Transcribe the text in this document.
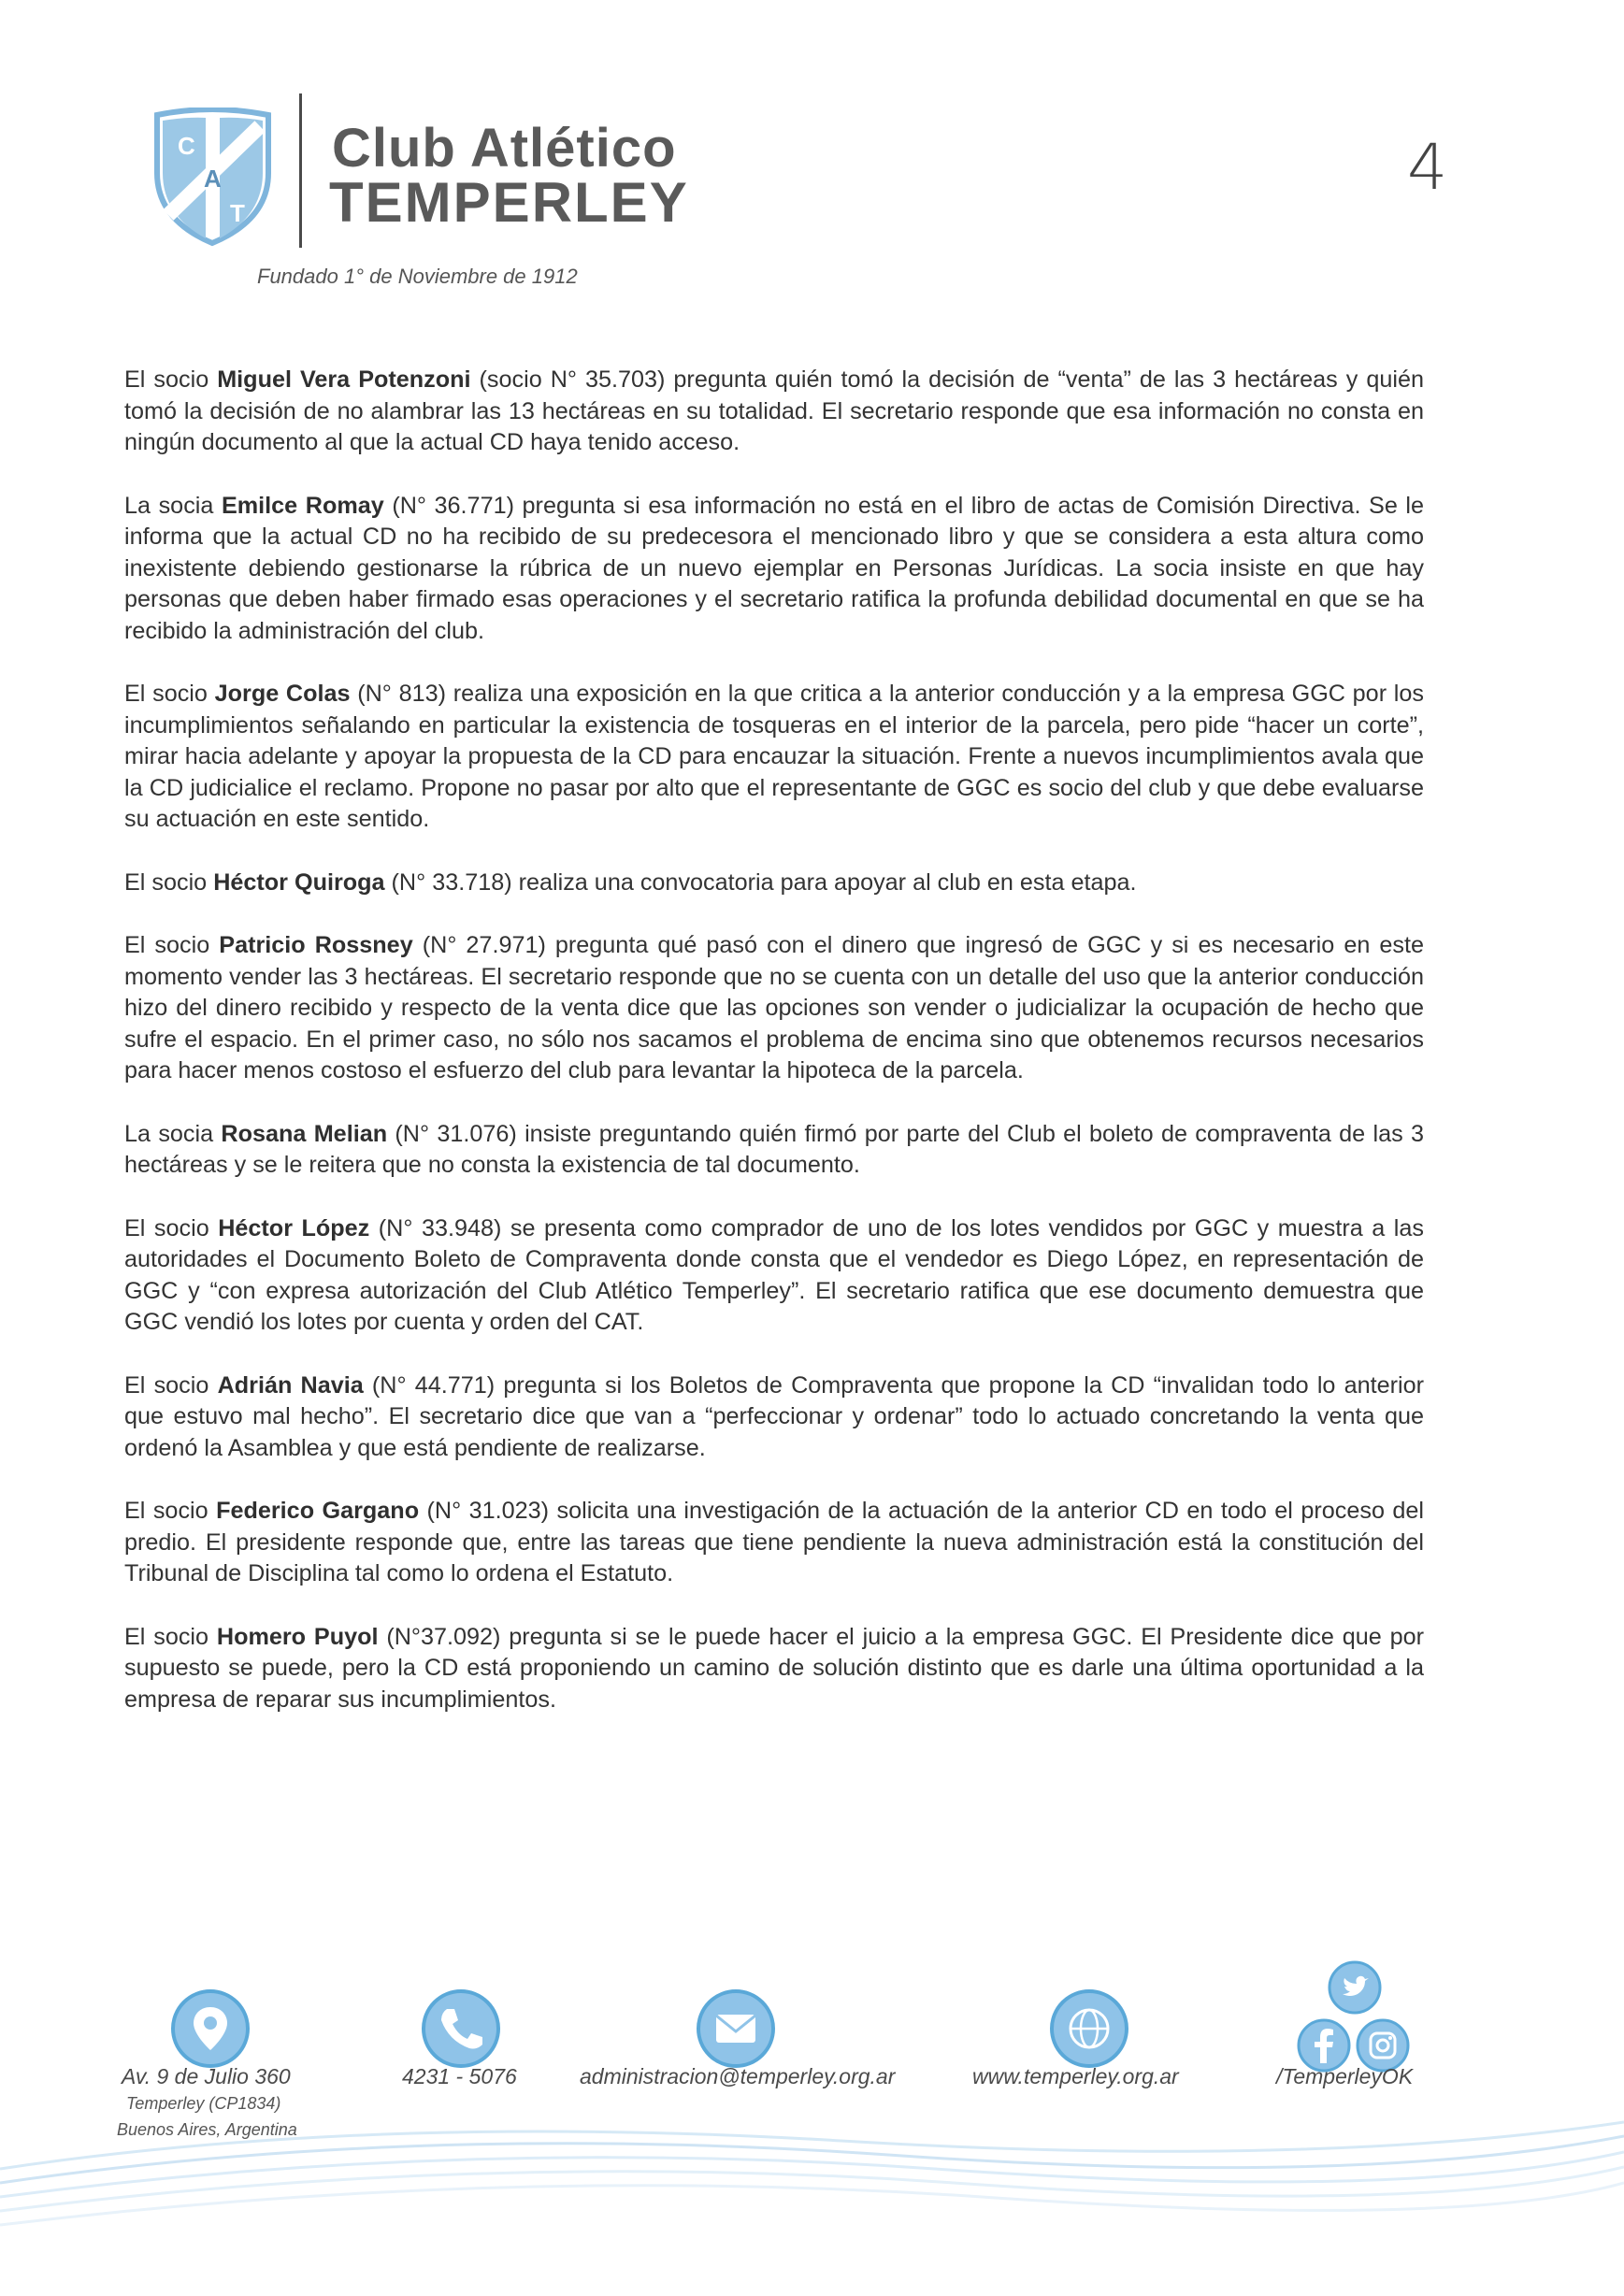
C
A
T
Club Atlético
TEMPERLEY
Fundado 1° de Noviembre de 1912
4

El socio Miguel Vera Potenzoni (socio N° 35.703) pregunta quién tomó la decisión de “venta” de las 3 hectáreas y quién tomó la decisión de no alambrar las 13 hectáreas en su totalidad. El secretario responde que esa información no consta en ningún documento al que la actual CD haya tenido acceso.

La socia Emilce Romay (N° 36.771) pregunta si esa información no está en el libro de actas de Comisión Directiva. Se le informa que la actual CD no ha recibido de su predecesora el mencionado libro y que se considera a esta altura como inexistente debiendo gestionarse la rúbrica de un nuevo ejemplar en Personas Jurídicas. La socia insiste en que hay personas que deben haber firmado esas operaciones y el secretario ratifica la profunda debilidad documental en que se ha recibido la administración del club.

El socio Jorge Colas (N° 813) realiza una exposición en la que critica a la anterior conducción y a la empresa GGC por los incumplimientos señalando en particular la existencia de tosqueras en el interior de la parcela, pero pide “hacer un corte”, mirar hacia adelante y apoyar la propuesta de la CD para encauzar la situación. Frente a nuevos incumplimientos avala que la CD judicialice el reclamo. Propone no pasar por alto que el representante de GGC es socio del club y que debe evaluarse su actuación en este sentido.

El socio Héctor Quiroga (N° 33.718) realiza una convocatoria para apoyar al club en esta etapa.

El socio Patricio Rossney (N° 27.971) pregunta qué pasó con el dinero que ingresó de GGC y si es necesario en este momento vender las 3 hectáreas. El secretario responde que no se cuenta con un detalle del uso que la anterior conducción hizo del dinero recibido y respecto de la venta dice que las opciones son vender o judicializar la ocupación de hecho que sufre el espacio. En el primer caso, no sólo nos sacamos el problema de encima sino que obtenemos recursos necesarios para hacer menos costoso el esfuerzo del club para levantar la hipoteca de la parcela.

La socia Rosana Melian (N° 31.076) insiste preguntando quién firmó por parte del Club el boleto de compraventa de las 3 hectáreas y se le reitera que no consta la existencia de tal documento.

El socio Héctor López (N° 33.948) se presenta como comprador de uno de los lotes vendidos por GGC y muestra a las autoridades el Documento Boleto de Compraventa donde consta que el vendedor es Diego López, en representación de GGC y “con expresa autorización del Club Atlético Temperley”. El secretario ratifica que ese documento demuestra que GGC vendió los lotes por cuenta y orden del CAT.

El socio Adrián Navia (N° 44.771) pregunta si los Boletos de Compraventa que propone la CD “invalidan todo lo anterior que estuvo mal hecho”. El secretario dice que van a “perfeccionar y ordenar” todo lo actuado concretando la venta que ordenó la Asamblea y que está pendiente de realizarse.

El socio Federico Gargano (N° 31.023) solicita una investigación de la actuación de la anterior CD en todo el proceso del predio. El presidente responde que, entre las tareas que tiene pendiente la nueva administración está la constitución del Tribunal de Disciplina tal como lo ordena el Estatuto.

El socio Homero Puyol (N°37.092) pregunta si se le puede hacer el juicio a la empresa GGC. El Presidente dice que por supuesto se puede, pero la CD está proponiendo un camino de solución distinto que es darle una última oportunidad a la empresa de reparar sus incumplimientos.

Av. 9 de Julio 360
Temperley (CP1834)
Buenos Aires, Argentina
4231 - 5076	administracion@temperley.org.ar	www.temperley.org.ar	/TemperleyOK
